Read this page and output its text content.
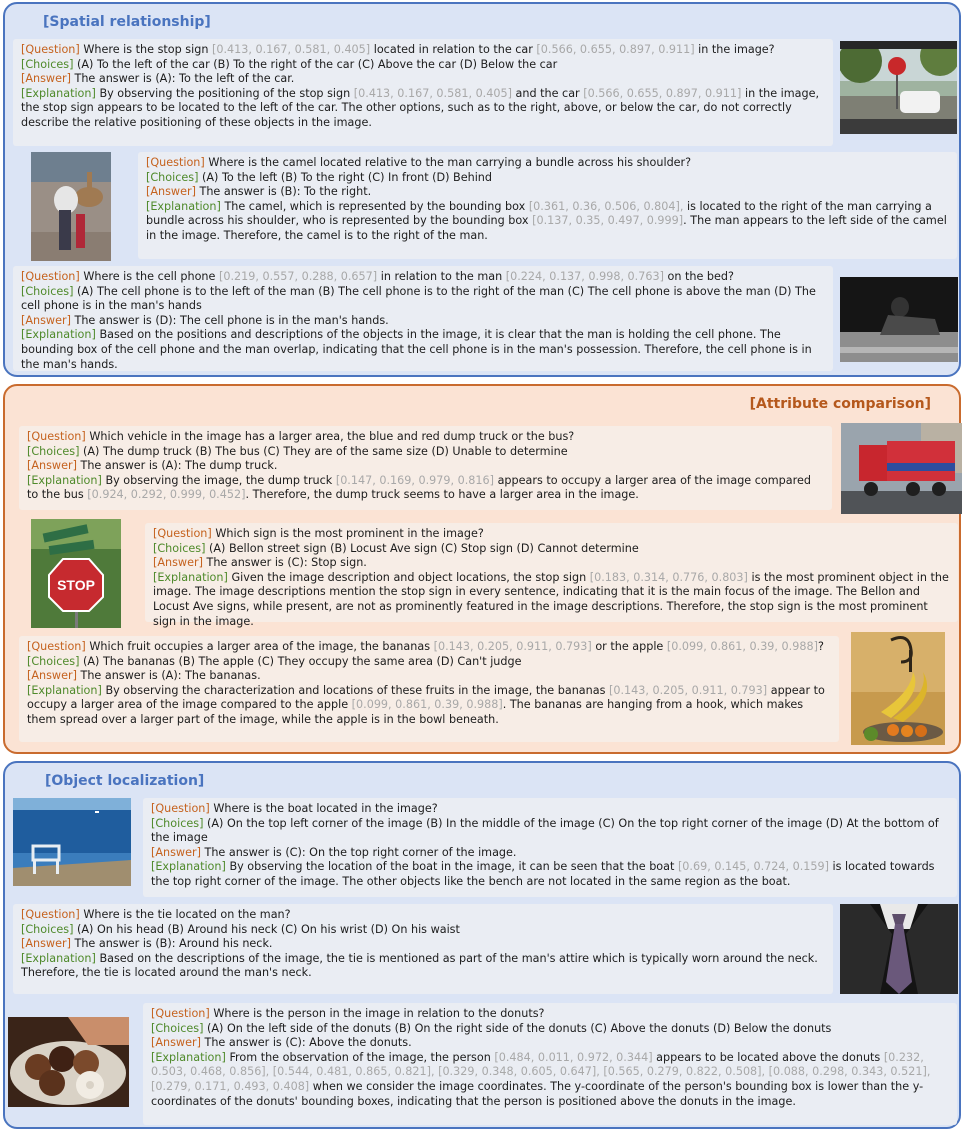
[Spatial relationship]

[Question] Where is the stop sign [0.413, 0.167, 0.581, 0.405] located in relation to the car [0.566, 0.655, 0.897, 0.911] in the image?

[Choices] (A) To the left of the car (B) To the right of the car (C) Above the car (D) Below the car

[Answer] The answer is (A): To the left of the car.

[Explanation] By observing the positioning of the stop sign [0.413, 0.167, 0.581, 0.405] and the car [0.566, 0.655, 0.897, 0.911] in the image, the stop sign appears to be located to the left of the car. The other options, such as to the right, above, or below the car, do not correctly describe the relative positioning of these objects in the image.

[Question] Where is the camel located relative to the man carrying a bundle across his shoulder?

[Choices] (A) To the left (B) To the right (C) In front (D) Behind

[Answer] The answer is (B): To the right.

[Explanation] The camel, which is represented by the bounding box [0.361, 0.36, 0.506, 0.804], is located to the right of the man carrying a bundle across his shoulder, who is represented by the bounding box [0.137, 0.35, 0.497, 0.999]. The man appears to the left side of the camel in the image. Therefore, the camel is to the right of the man.

[Question] Where is the cell phone [0.219, 0.557, 0.288, 0.657] in relation to the man [0.224, 0.137, 0.998, 0.763] on the bed?

[Choices] (A) The cell phone is to the left of the man (B) The cell phone is to the right of the man (C) The cell phone is above the man (D) The cell phone is in the man's hands

[Answer] The answer is (D): The cell phone is in the man's hands.

[Explanation] Based on the positions and descriptions of the objects in the image, it is clear that the man is holding the cell phone. The bounding box of the cell phone and the man overlap, indicating that the cell phone is in the man's possession. Therefore, the cell phone is in the man's hands.

[Attribute comparison]

[Question] Which vehicle in the image has a larger area, the blue and red dump truck or the bus?

[Choices] (A) The dump truck (B) The bus (C) They are of the same size (D) Unable to determine

[Answer] The answer is (A): The dump truck.

[Explanation] By observing the image, the dump truck [0.147, 0.169, 0.979, 0.816] appears to occupy a larger area of the image compared to the bus [0.924, 0.292, 0.999, 0.452]. Therefore, the dump truck seems to have a larger area in the image.

STOP

[Question] Which sign is the most prominent in the image?

[Choices] (A) Bellon street sign (B) Locust Ave sign (C) Stop sign (D) Cannot determine

[Answer] The answer is (C): Stop sign.

[Explanation] Given the image description and object locations, the stop sign [0.183, 0.314, 0.776, 0.803] is the most prominent object in the image. The image descriptions mention the stop sign in every sentence, indicating that it is the main focus of the image. The Bellon and Locust Ave signs, while present, are not as prominently featured in the image descriptions. Therefore, the stop sign is the most prominent sign in the image.

[Question] Which fruit occupies a larger area of the image, the bananas [0.143, 0.205, 0.911, 0.793] or the apple [0.099, 0.861, 0.39, 0.988]?

[Choices] (A) The bananas (B) The apple (C) They occupy the same area (D) Can't judge

[Answer] The answer is (A): The bananas.

[Explanation] By observing the characterization and locations of these fruits in the image, the bananas [0.143, 0.205, 0.911, 0.793] appear to occupy a larger area of the image compared to the apple [0.099, 0.861, 0.39, 0.988]. The bananas are hanging from a hook, which makes them spread over a larger part of the image, while the apple is in the bowl beneath.

[Object localization]

[Question] Where is the boat located in the image?

[Choices] (A) On the top left corner of the image (B) In the middle of the image (C) On the top right corner of the image (D) At the bottom of the image

[Answer] The answer is (C): On the top right corner of the image.

[Explanation] By observing the location of the boat in the image, it can be seen that the boat [0.69, 0.145, 0.724, 0.159] is located towards the top right corner of the image. The other objects like the bench are not located in the same region as the boat.

[Question] Where is the tie located on the man?

[Choices] (A) On his head (B) Around his neck (C) On his wrist (D) On his waist

[Answer] The answer is (B): Around his neck.

[Explanation] Based on the descriptions of the image, the tie is mentioned as part of the man's attire which is typically worn around the neck. Therefore, the tie is located around the man's neck.

[Question] Where is the person in the image in relation to the donuts?

[Choices] (A) On the left side of the donuts (B) On the right side of the donuts (C) Above the donuts (D) Below the donuts

[Answer] The answer is (C): Above the donuts.

[Explanation] From the observation of the image, the person [0.484, 0.011, 0.972, 0.344] appears to be located above the donuts [0.232, 0.503, 0.468, 0.856], [0.544, 0.481, 0.865, 0.821], [0.329, 0.348, 0.605, 0.647], [0.565, 0.279, 0.822, 0.508], [0.088, 0.298, 0.343, 0.521], [0.279, 0.171, 0.493, 0.408] when we consider the image coordinates. The y-coordinate of the person's bounding box is lower than the y-coordinates of the donuts' bounding boxes, indicating that the person is positioned above the donuts in the image.
